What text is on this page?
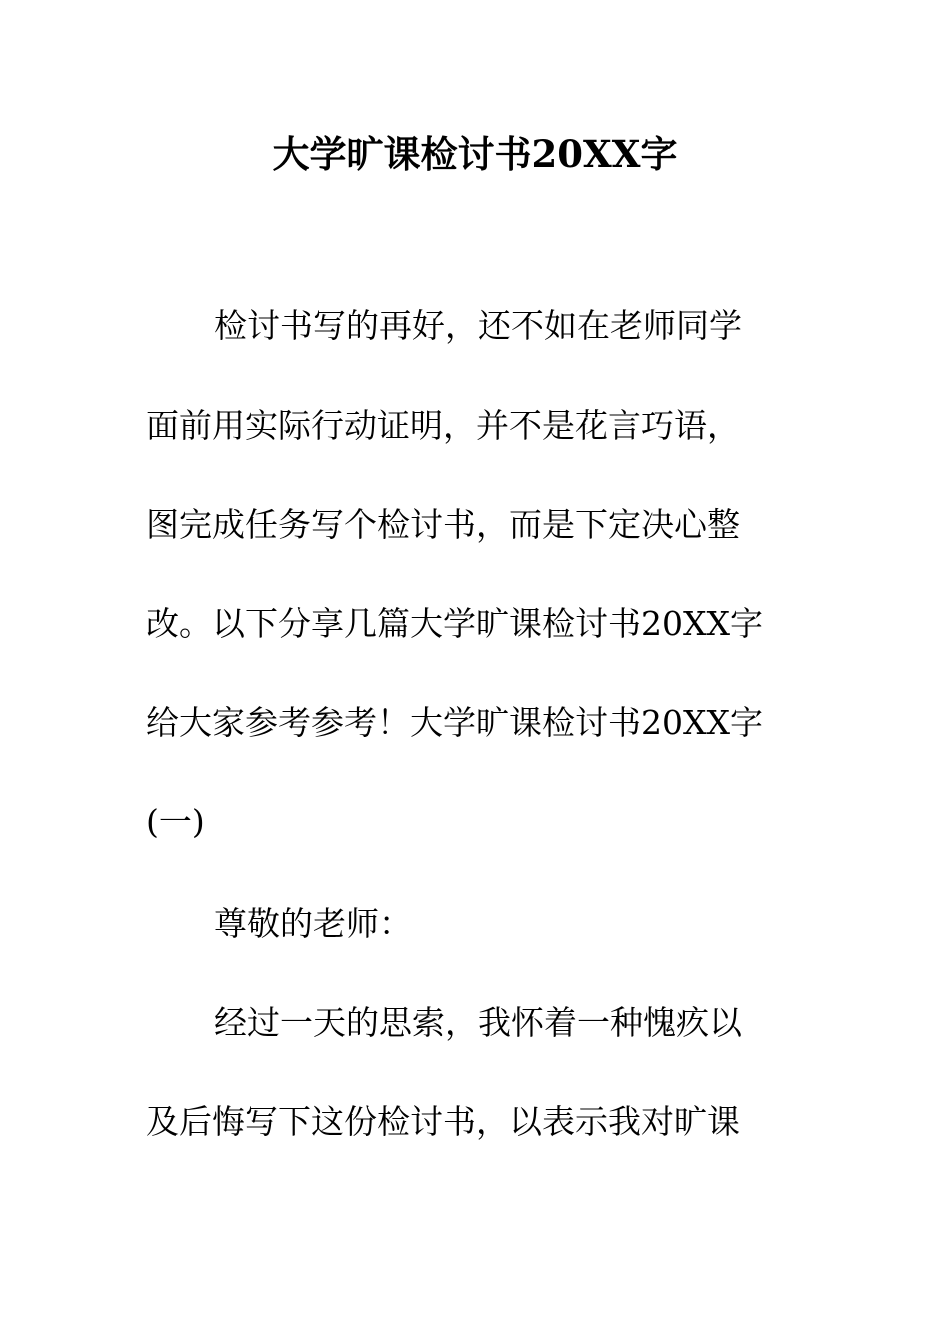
大学旷课检讨书20XX字
检讨书写的再好，还不如在老师同学
面前用实际行动证明，并不是花言巧语，
图完成任务写个检讨书，而是下定决心整
改。以下分享几篇大学旷课检讨书20XX字
给大家参考参考！大学旷课检讨书20XX字
(一)
尊敬的老师：
经过一天的思索，我怀着一种愧疚以
及后悔写下这份检讨书，以表示我对旷课
